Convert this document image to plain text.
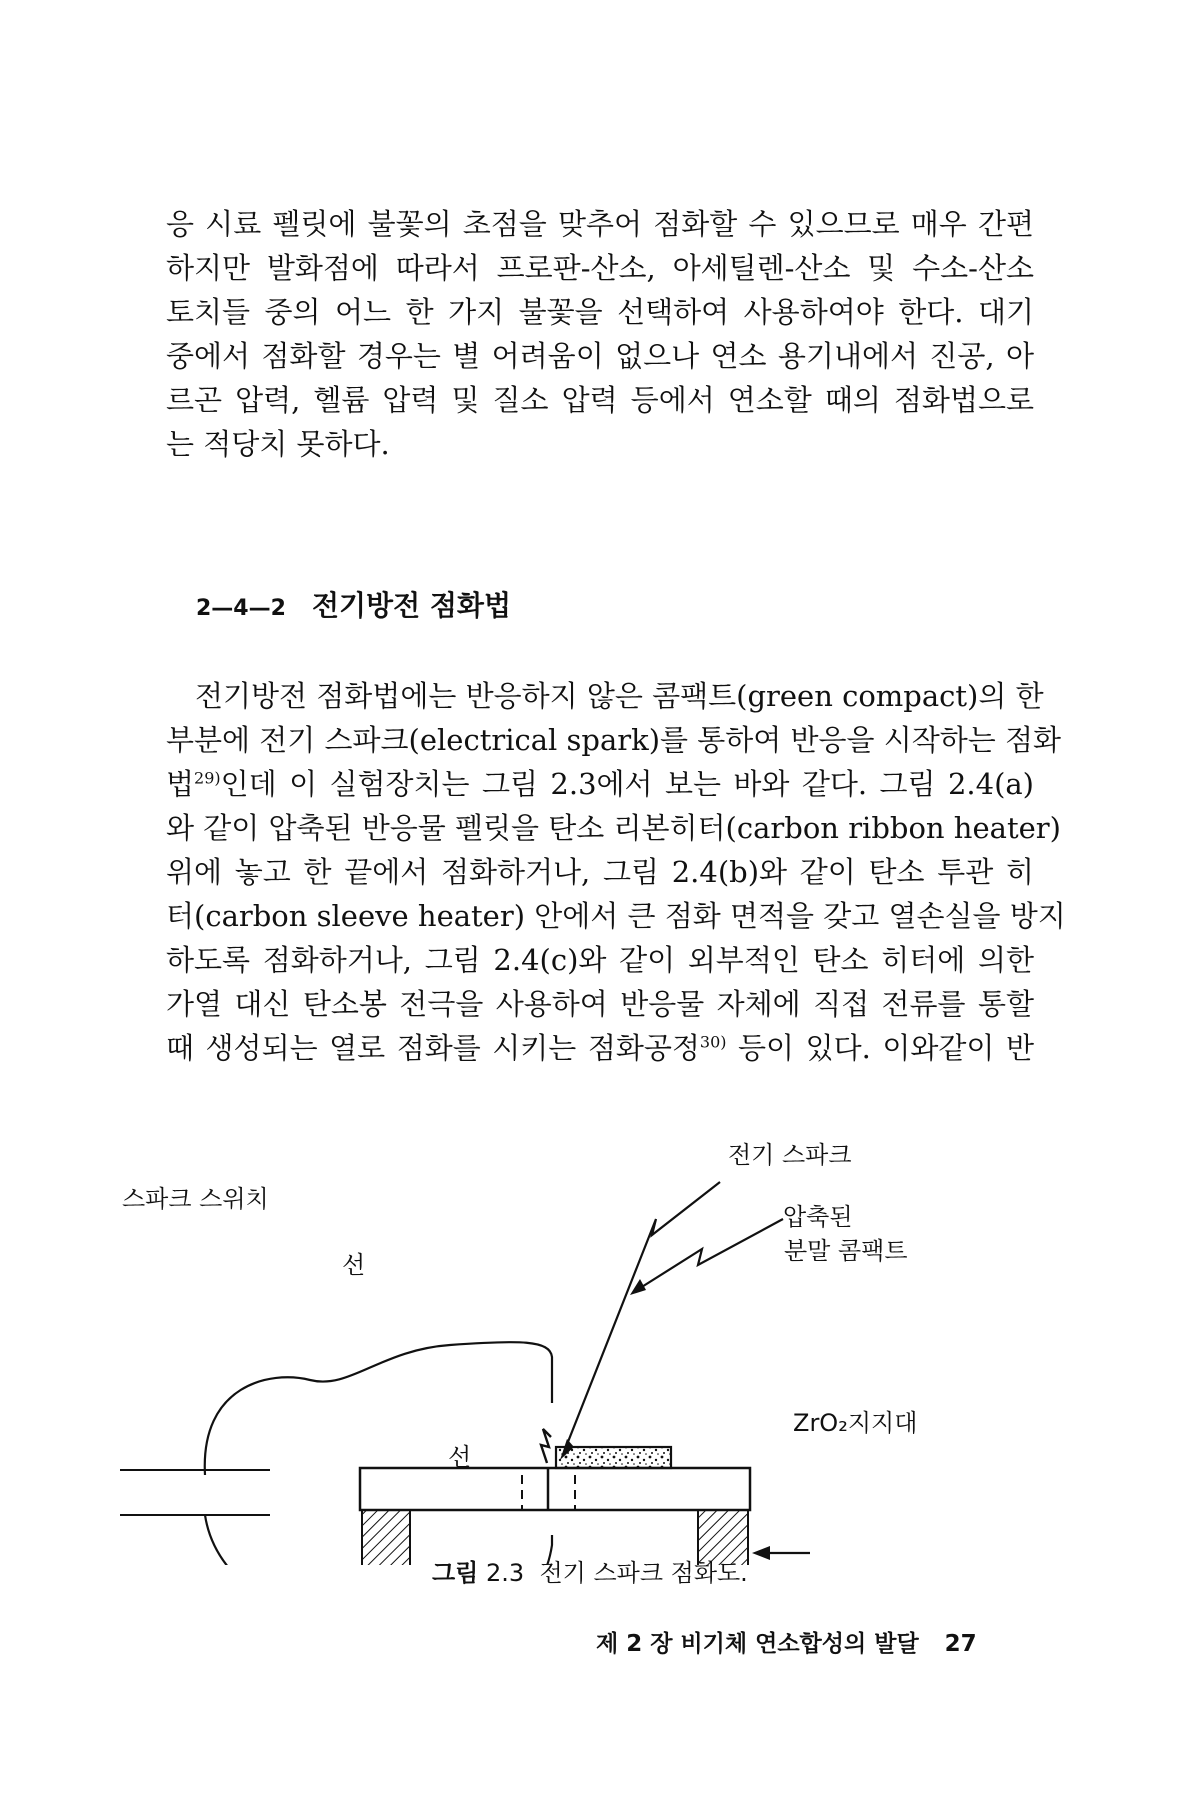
응 시료 펠릿에 불꽃의 초점을 맞추어 점화할 수 있으므로 매우 간편
하지만 발화점에 따라서 프로판-산소, 아세틸렌-산소 및 수소-산소
토치들 중의 어느 한 가지 불꽃을 선택하여 사용하여야 한다. 대기
중에서 점화할 경우는 별 어려움이 없으나 연소 용기내에서 진공, 아
르곤 압력, 헬륨 압력 및 질소 압력 등에서 연소할 때의 점화법으로
는 적당치 못하다.
2—4—2 전기방전 점화법
　전기방전 점화법에는 반응하지 않은 콤팩트(green compact)의 한
부분에 전기 스파크(electrical spark)를 통하여 반응을 시작하는 점화
법$^{29)}$인데 이 실험장치는 그림 2.3에서 보는 바와 같다. 그림 2.4(a)
와 같이 압축된 반응물 펠릿을 탄소 리본히터(carbon ribbon heater)
위에 놓고 한 끝에서 점화하거나, 그림 2.4(b)와 같이 탄소 투관 히
터(carbon sleeve heater) 안에서 큰 점화 면적을 갖고 열손실을 방지
하도록 점화하거나, 그림 2.4(c)와 같이 외부적인 탄소 히터에 의한
가열 대신 탄소봉 전극을 사용하여 반응물 자체에 직접 전류를 통할
때 생성되는 열로 점화를 시키는 점화공정$^{30)}$ 등이 있다. 이와같이 반
전기 스파크
압축된
분말 콤팩트
선
선
스파크 스위치
ZrO₂지지대
그림 2.3 전기 스파크 점화도.
제 2 장 비기체 연소합성의 발달 27
